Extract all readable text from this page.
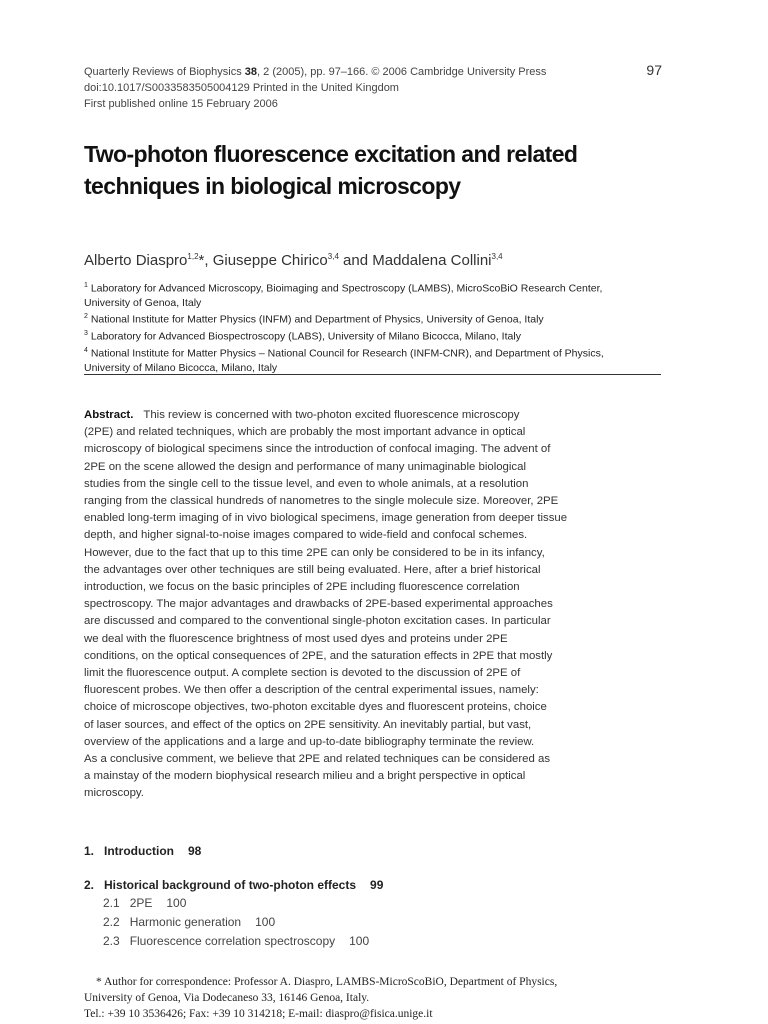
Quarterly Reviews of Biophysics 38, 2 (2005), pp. 97–166. © 2006 Cambridge University Press
doi:10.1017/S0033583505004129 Printed in the United Kingdom
First published online 15 February 2006
97
Two-photon fluorescence excitation and related
techniques in biological microscopy
Alberto Diaspro$^{1,2}$*, Giuseppe Chirico$^{3,4}$ and Maddalena Collini$^{3,4}$
$^1$ Laboratory for Advanced Microscopy, Bioimaging and Spectroscopy (LAMBS), MicroScoBiO Research Center,
University of Genoa, Italy
$^2$ National Institute for Matter Physics (INFM) and Department of Physics, University of Genoa, Italy
$^3$ Laboratory for Advanced Biospectroscopy (LABS), University of Milano Bicocca, Milano, Italy
$^4$ National Institute for Matter Physics – National Council for Research (INFM-CNR), and Department of Physics,
University of Milano Bicocca, Milano, Italy
Abstract. This review is concerned with two-photon excited fluorescence microscopy
(2PE) and related techniques, which are probably the most important advance in optical
microscopy of biological specimens since the introduction of confocal imaging. The advent of
2PE on the scene allowed the design and performance of many unimaginable biological
studies from the single cell to the tissue level, and even to whole animals, at a resolution
ranging from the classical hundreds of nanometres to the single molecule size. Moreover, 2PE
enabled long-term imaging of in vivo biological specimens, image generation from deeper tissue
depth, and higher signal-to-noise images compared to wide-field and confocal schemes.
However, due to the fact that up to this time 2PE can only be considered to be in its infancy,
the advantages over other techniques are still being evaluated. Here, after a brief historical
introduction, we focus on the basic principles of 2PE including fluorescence correlation
spectroscopy. The major advantages and drawbacks of 2PE-based experimental approaches
are discussed and compared to the conventional single-photon excitation cases. In particular
we deal with the fluorescence brightness of most used dyes and proteins under 2PE
conditions, on the optical consequences of 2PE, and the saturation effects in 2PE that mostly
limit the fluorescence output. A complete section is devoted to the discussion of 2PE of
fluorescent probes. We then offer a description of the central experimental issues, namely:
choice of microscope objectives, two-photon excitable dyes and fluorescent proteins, choice
of laser sources, and effect of the optics on 2PE sensitivity. An inevitably partial, but vast,
overview of the applications and a large and up-to-date bibliography terminate the review.
As a conclusive comment, we believe that 2PE and related techniques can be considered as
a mainstay of the modern biophysical research milieu and a bright perspective in optical
microscopy.
1. Introduction 98
2. Historical background of two-photon effects 99
2.1 2PE 100
2.2 Harmonic generation 100
2.3 Fluorescence correlation spectroscopy 100
* Author for correspondence: Professor A. Diaspro, LAMBS-MicroScoBiO, Department of Physics,
University of Genoa, Via Dodecaneso 33, 16146 Genoa, Italy.
Tel.: +39 10 3536426; Fax: +39 10 314218; E-mail: diaspro@fisica.unige.it
